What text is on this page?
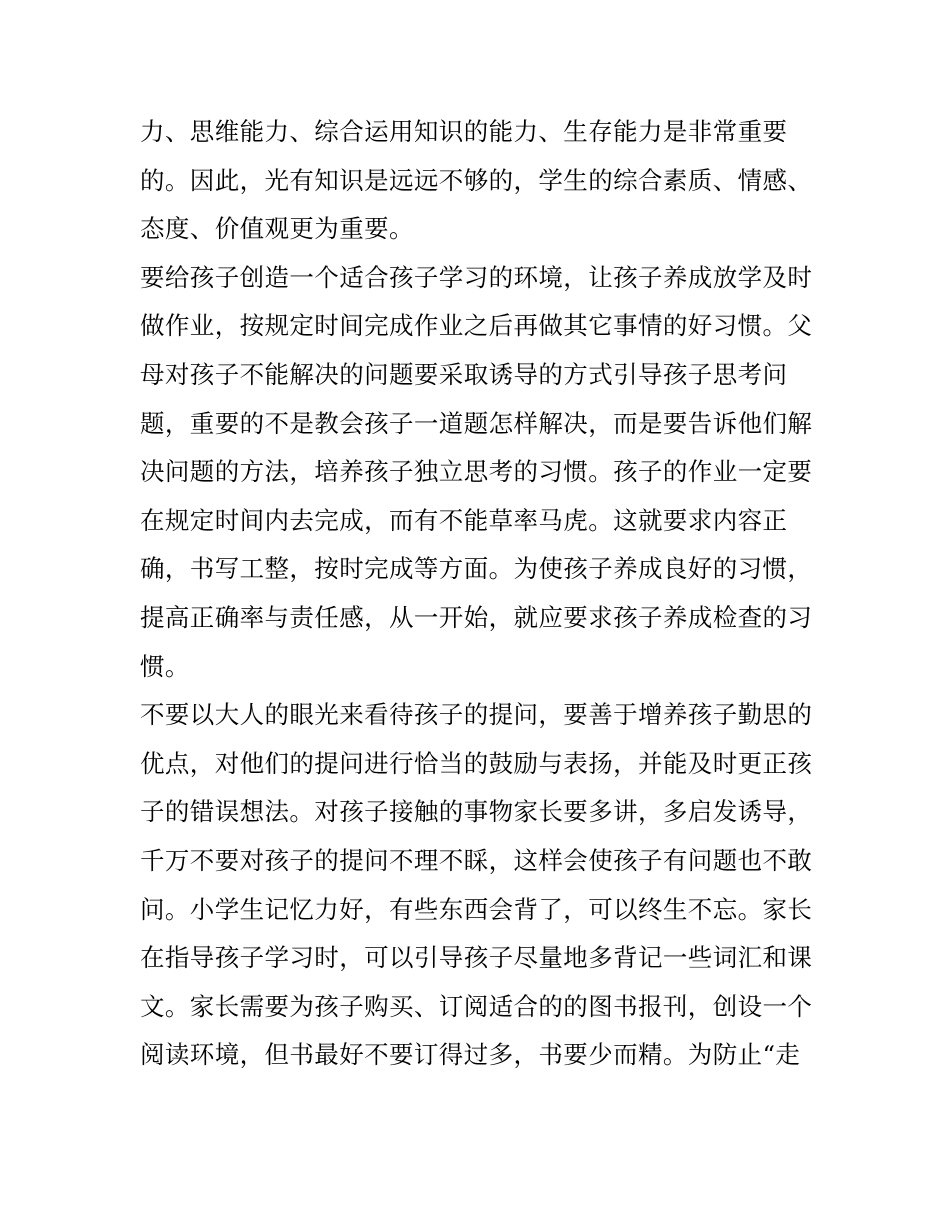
力、思维能力、综合运用知识的能力、生存能力是非常重要
的。因此，光有知识是远远不够的，学生的综合素质、情感、
态度、价值观更为重要。
要给孩子创造一个适合孩子学习的环境，让孩子养成放学及时
做作业，按规定时间完成作业之后再做其它事情的好习惯。父
母对孩子不能解决的问题要采取诱导的方式引导孩子思考问
题，重要的不是教会孩子一道题怎样解决，而是要告诉他们解
决问题的方法，培养孩子独立思考的习惯。孩子的作业一定要
在规定时间内去完成，而有不能草率马虎。这就要求内容正
确，书写工整，按时完成等方面。为使孩子养成良好的习惯，
提高正确率与责任感，从一开始，就应要求孩子养成检查的习
惯。
不要以大人的眼光来看待孩子的提问，要善于增养孩子勤思的
优点，对他们的提问进行恰当的鼓励与表扬，并能及时更正孩
子的错误想法。对孩子接触的事物家长要多讲，多启发诱导，
千万不要对孩子的提问不理不睬，这样会使孩子有问题也不敢
问。小学生记忆力好，有些东西会背了，可以终生不忘。家长
在指导孩子学习时，可以引导孩子尽量地多背记一些词汇和课
文。家长需要为孩子购买、订阅适合的的图书报刊，创设一个
阅读环境，但书最好不要订得过多，书要少而精。为防止“走
